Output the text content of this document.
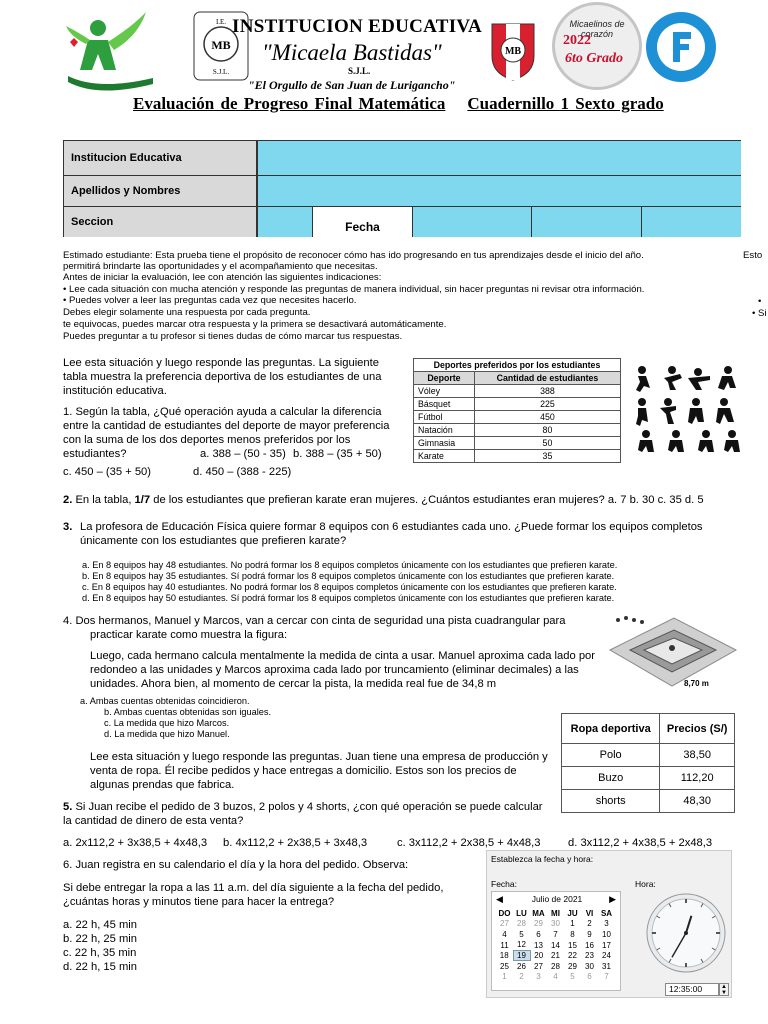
I.E.
MB
S.J.L.
INSTITUCION EDUCATIVA
"Micaela Bastidas"
S.J.L.
"El Orgullo de San Juan de Lurigancho"
MB
Micaelinos de corazón
2022
6to Grado
Evaluación de Progreso Final Matemática Cuadernillo 1 Sexto grado
Institucion Educativa
Apellidos y Nombres
Seccion	Fecha
Estimado estudiante: Esta prueba tiene el propósito de reconocer cómo has ido progresando en tus aprendizajes desde el inicio del año.	Esto
permitirá brindarte las oportunidades y el acompañamiento que necesitas.
Antes de iniciar la evaluación, lee con atención las siguientes indicaciones:
• Lee cada situación con mucha atención y responde las preguntas de manera individual, sin hacer preguntas ni revisar otra información.
• Puedes volver a leer las preguntas cada vez que necesites hacerlo.
Debes elegir solamente una respuesta por cada pregunta.
te equivocas, puedes marcar otra respuesta y la primera se desactivará automáticamente.
Puedes preguntar a tu profesor si tienes dudas de cómo marcar tus respuestas.
•
• Si
Lee esta situación y luego responde las preguntas. La siguiente tabla muestra la preferencia deportiva de los estudiantes de una institución educativa.
Deportes preferidos por los estudiantes	
Deporte	Cantidad de estudiantes
Vóley	388
Básquet	225
Fútbol	450
Natación	80
Gimnasia	50
Karate	35
1. Según la tabla, ¿Qué operación ayuda a calcular la diferencia entre la cantidad de estudiantes del deporte de mayor preferencia con la suma de los dos deportes menos preferidos por los estudiantes?	a. 388 – (50 - 35) b. 388 – (35 + 50)
c. 450 – (35 + 50)	d. 450 – (388 - 225)
2. En la tabla, 1/7 de los estudiantes que prefieran karate eran mujeres. ¿Cuántos estudiantes eran mujeres? a. 7 b. 30 c. 35 d. 5
3. La profesora de Educación Física quiere formar 8 equipos con 6 estudiantes cada uno. ¿Puede formar los equipos completos únicamente con los estudiantes que prefieren karate?
a. En 8 equipos hay 48 estudiantes. No podrá formar los 8 equipos completos únicamente con los estudiantes que prefieren karate.
b. En 8 equipos hay 35 estudiantes. Sí podrá formar los 8 equipos completos únicamente con los estudiantes que prefieren karate.
c. En 8 equipos hay 40 estudiantes. No podrá formar los 8 equipos completos únicamente con los estudiantes que prefieren karate.
d. En 8 equipos hay 50 estudiantes. Sí podrá formar los 8 equipos completos únicamente con los estudiantes que prefieren karate.
4. Dos hermanos, Manuel y Marcos, van a cercar con cinta de seguridad una pista cuadrangular para
practicar karate como muestra la figura:
Luego, cada hermano calcula mentalmente la medida de cinta a usar. Manuel aproxima cada lado por redondeo a las unidades y Marcos aproxima cada lado por truncamiento (eliminar decimales) a las unidades. Ahora bien, al momento de cercar la pista, la medida real fue de 34,8 m	8,70 m
a. Ambas cuentas obtenidas coincidieron.
b. Ambas cuentas obtenidas son iguales.
c. La medida que hizo Marcos.
d. La medida que hizo Manuel.
Lee esta situación y luego responde las preguntas. Juan tiene una empresa de producción y venta de ropa. Él recibe pedidos y hace entregas a domicilio. Estos son los precios de algunas prendas que fabrica.
Ropa deportiva	Precios (S/)
Polo	38,50
Buzo	112,20
shorts	48,30
5. Si Juan recibe el pedido de 3 buzos, 2 polos y 4 shorts, ¿con qué operación se puede calcular la cantidad de dinero de esta venta?
a. 2x112,2 + 3x38,5 + 4x48,3 b. 4x112,2 + 2x38,5 + 3x48,3	c. 3x112,2 + 2x38,5 + 4x48,3 d. 3x112,2 + 4x38,5 + 2x48,3
6. Juan registra en su calendario el día y la hora del pedido. Observa:
Si debe entregar la ropa a las 11 a.m. del día siguiente a la fecha del pedido, ¿cuántas horas y minutos tiene para hacer la entrega?
a. 22 h, 45 min
b. 22 h, 25 min
c. 22 h, 35 min
d. 22 h, 15 min
Establezca la fecha y hora:
Fecha:	Hora:
◀	Julio de 2021	▶
DO	LU	MA	MI	JU	VI	SA
27	28	29	30	1	2	3
4	5	6	7	8	9	10
11	12	13	14	15	16	17
18	19	20	21	22	23	24
25	26	27	28	29	30	31
1	2	3	4	5	6	7
12:35:00	▲
▼
